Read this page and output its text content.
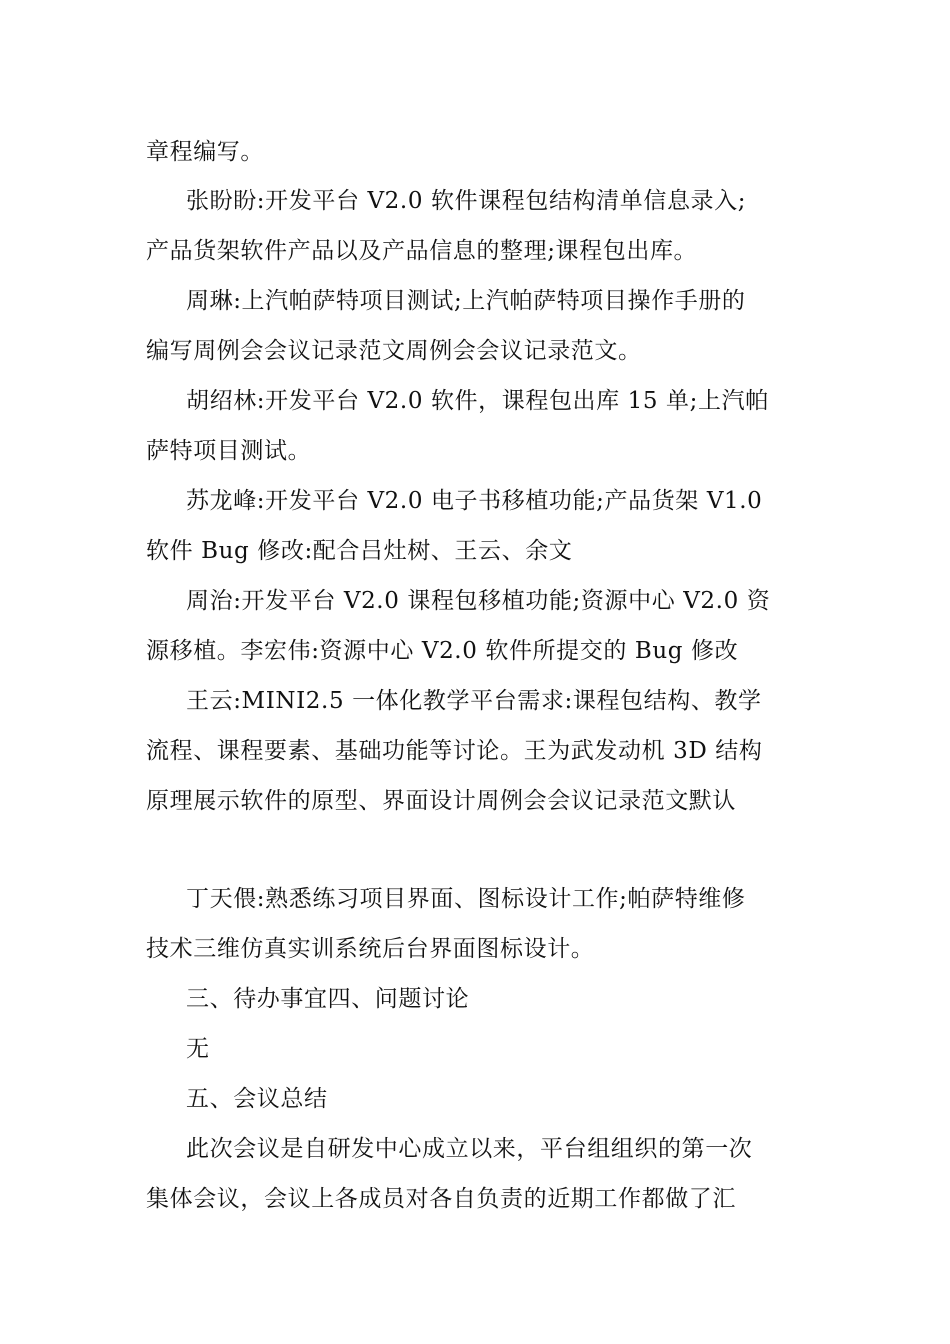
章程编写。
张盼盼:开发平台 V2.0 软件课程包结构清单信息录入;
产品货架软件产品以及产品信息的整理;课程包出库。
周琳:上汽帕萨特项目测试;上汽帕萨特项目操作手册的
编写周例会会议记录范文周例会会议记录范文。
胡绍林:开发平台 V2.0 软件，课程包出库 15 单;上汽帕
萨特项目测试。
苏龙峰:开发平台 V2.0 电子书移植功能;产品货架 V1.0
软件 Bug 修改:配合吕灶树、王云、余文
周治:开发平台 V2.0 课程包移植功能;资源中心 V2.0 资
源移植。李宏伟:资源中心 V2.0 软件所提交的 Bug 修改
王云:MINI2.5 一体化教学平台需求:课程包结构、教学
流程、课程要素、基础功能等讨论。王为武发动机 3D 结构
原理展示软件的原型、界面设计周例会会议记录范文默认
丁天偎:熟悉练习项目界面、图标设计工作;帕萨特维修
技术三维仿真实训系统后台界面图标设计。
三、待办事宜四、问题讨论
无
五、会议总结
此次会议是自研发中心成立以来，平台组组织的第一次
集体会议，会议上各成员对各自负责的近期工作都做了汇
